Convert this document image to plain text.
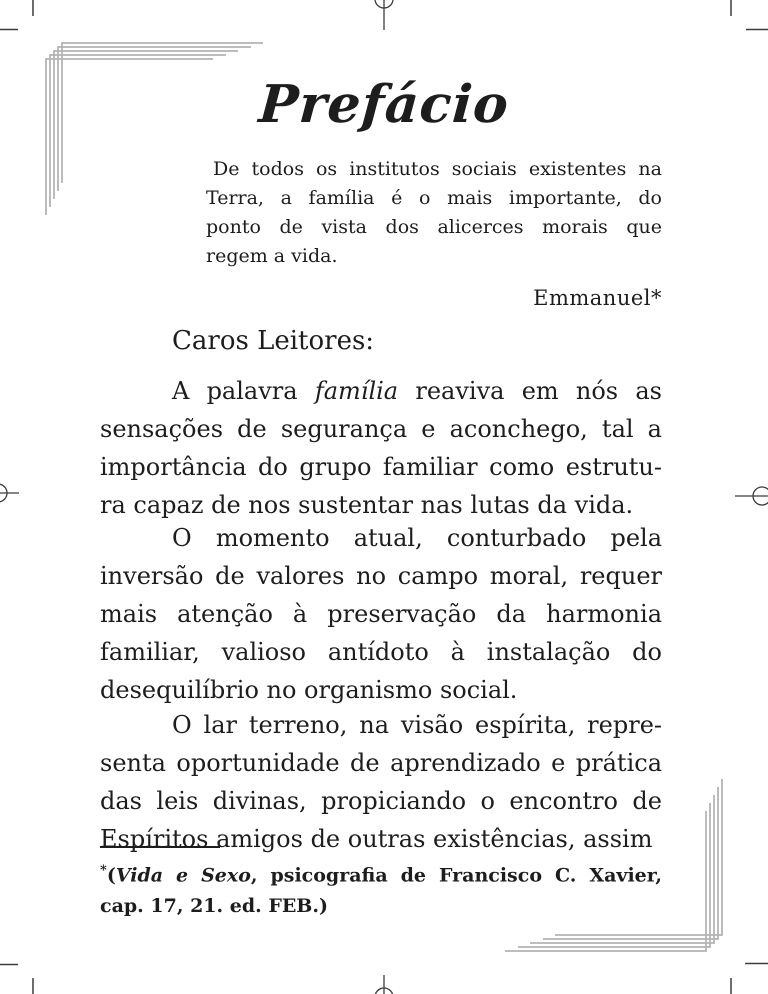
Prefácio
De todos os institutos sociais existentes na
Terra, a família é o mais importante, do
ponto de vista dos alicerces morais que
regem a vida.
Emmanuel*
Caros Leitores:
A palavra família reaviva em nós as
sensações de segurança e aconchego, tal a
importância do grupo familiar como estrutu-
ra capaz de nos sustentar nas lutas da vida.
O momento atual, conturbado pela
inversão de valores no campo moral, requer
mais atenção à preservação da harmonia
familiar, valioso antídoto à instalação do
desequilíbrio no organismo social.
O lar terreno, na visão espírita, repre-
senta oportunidade de aprendizado e prática
das leis divinas, propiciando o encontro de
Espíritos amigos de outras existências, assim
*(Vida e Sexo, psicografia de Francisco C. Xavier,
cap. 17, 21. ed. FEB.)
